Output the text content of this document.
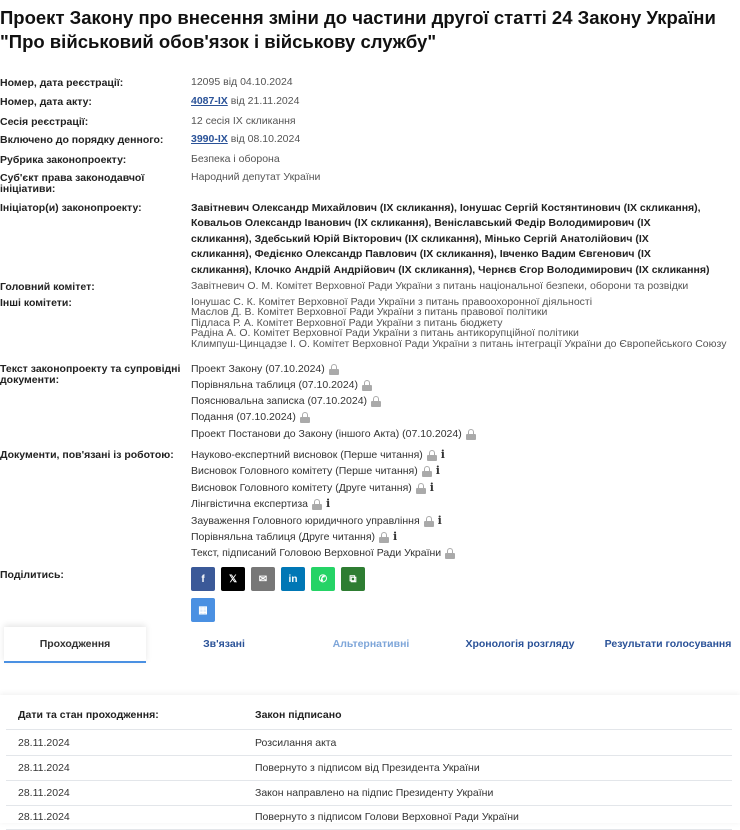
Проект Закону про внесення зміни до частини другої статті 24 Закону України "Про військовий обов'язок і військову службу"
Номер, дата реєстрації:	12095 від 04.10.2024
Номер, дата акту:	4087-IX від 21.11.2024
Сесія реєстрації:	12 сесія IX скликання
Включено до порядку денного:	3990-IX від 08.10.2024
Рубрика законопроекту:	Безпека і оборона
Суб'єкт права законодавчої ініціативи:
Народний депутат України
Ініціатор(и) законопроекту:	Завітневич Олександр Михайлович (IX скликання), Іонушас Сергій Костянтинович (IX скликання), Ковальов Олександр Іванович (IX скликання), Веніславський Федір Володимирович (IX скликання), Здебський Юрій Вікторович (IX скликання), Мінько Сергій Анатолійович (IX скликання), Федієнко Олександр Павлович (IX скликання), Івченко Вадим Євгенович (IX скликання), Клочко Андрій Андрійович (IX скликання), Чернєв Єгор Володимирович (IX скликання)
Головний комітет:	Завітневич О. М. Комітет Верховної Ради України з питань національної безпеки, оборони та розвідки
Інші комітети:	Іонушас С. К. Комітет Верховної Ради України з питань правоохоронної діяльності
Маслов Д. В. Комітет Верховної Ради України з питань правової політики
Підласа Р. А. Комітет Верховної Ради України з питань бюджету
Радіна А. О. Комітет Верховної Ради України з питань антикорупційної політики
Климпуш-Цинцадзе І. О. Комітет Верховної Ради України з питань інтеграції України до Європейського Союзу
Текст законопроекту та супровідні документи:
Проект Закону (07.10.2024)
Порівняльна таблиця (07.10.2024)
Пояснювальна записка (07.10.2024)
Подання (07.10.2024)
Проект Постанови до Закону (іншого Акта) (07.10.2024)
Документи, пов'язані із роботою:	Науково-експертний висновок (Перше читання) i
Висновок Головного комітету (Перше читання) i
Висновок Головного комітету (Друге читання) i
Лінгвістична експертиза i
Зауваження Головного юридичного управління i
Порівняльна таблиця (Друге читання) i
Текст, підписаний Головою Верховної Ради України
Поділитись:	f 𝕏 ✉ in ✆ ⧉
▦
Проходження	Зв'язані	Альтернативні	Хронологія розгляду	Результати голосування
Дати та стан проходження:	Закон підписано
28.11.2024	Розсилання акта
28.11.2024	Повернуто з підписом від Президента України
28.11.2024	Закон направлено на підпис Президенту України
28.11.2024	Повернуто з підписом Голови Верховної Ради України
